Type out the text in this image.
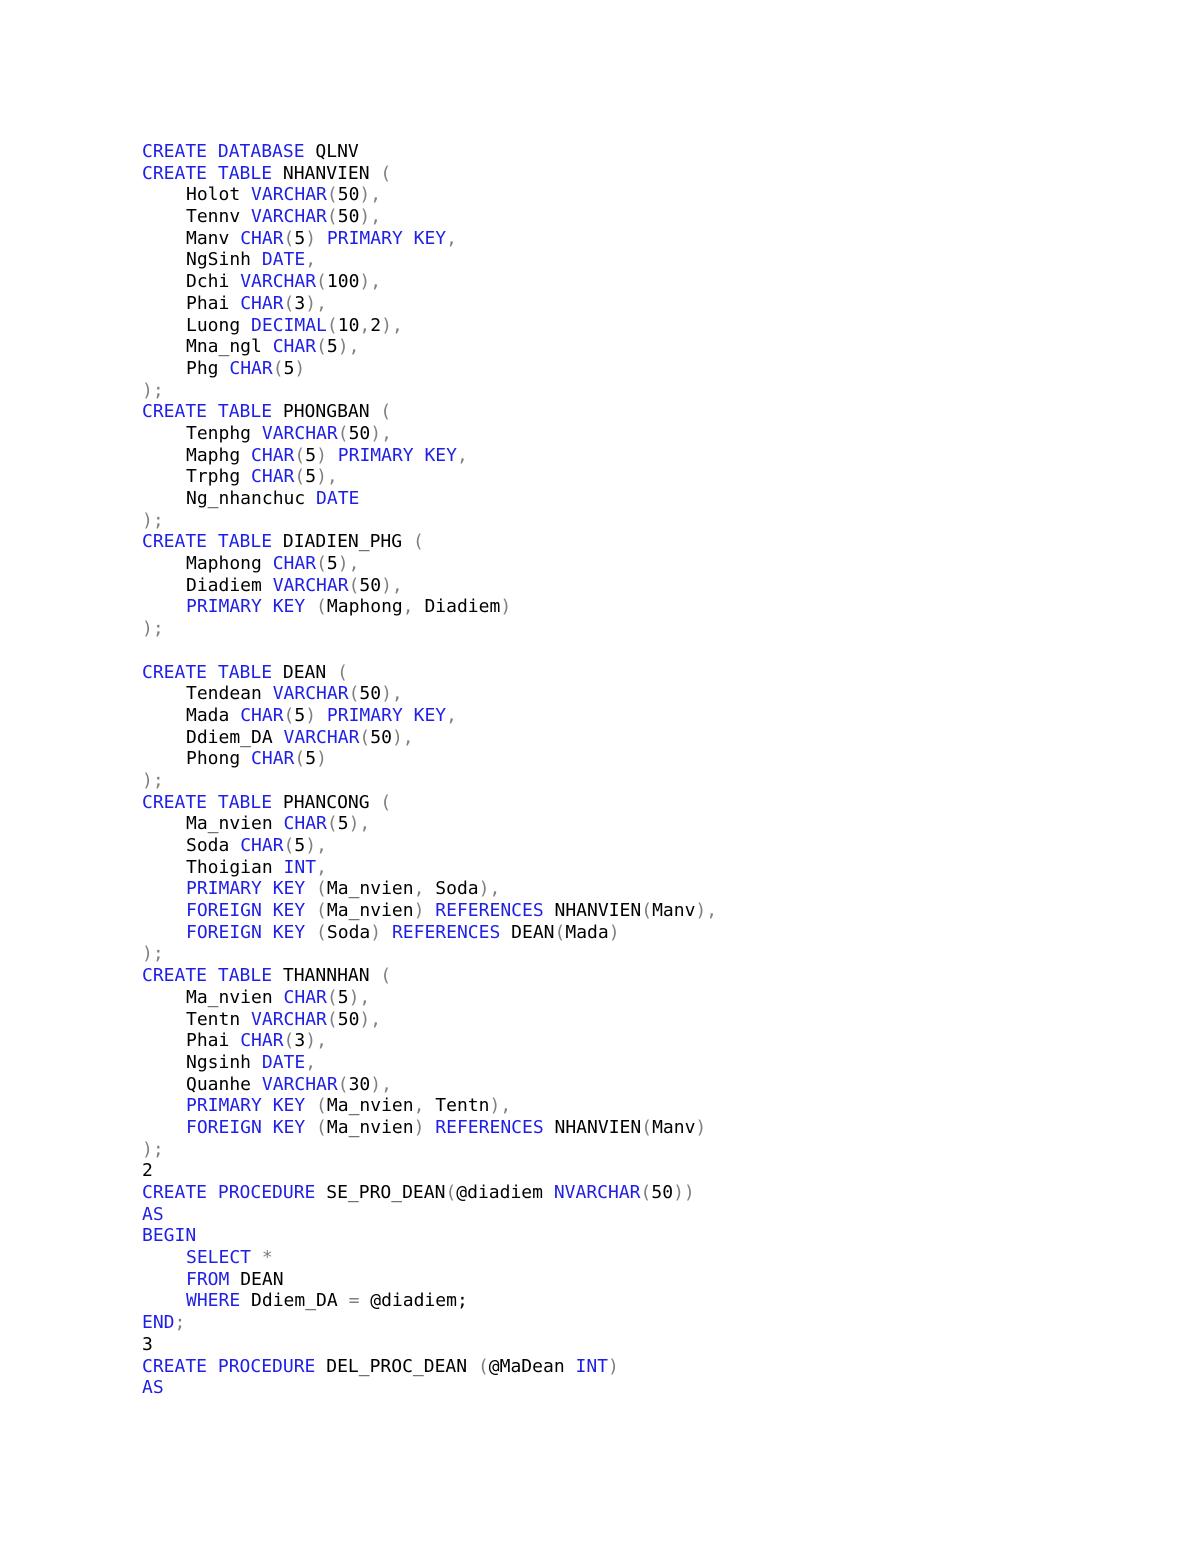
CREATE DATABASE QLNV
CREATE TABLE NHANVIEN (
Holot VARCHAR(50),
Tennv VARCHAR(50),
Manv CHAR(5) PRIMARY KEY,
NgSinh DATE,
Dchi VARCHAR(100),
Phai CHAR(3),
Luong DECIMAL(10,2),
Mna_ngl CHAR(5),
Phg CHAR(5)
);
CREATE TABLE PHONGBAN (
Tenphg VARCHAR(50),
Maphg CHAR(5) PRIMARY KEY,
Trphg CHAR(5),
Ng_nhanchuc DATE
);
CREATE TABLE DIADIEN_PHG (
Maphong CHAR(5),
Diadiem VARCHAR(50),
PRIMARY KEY (Maphong, Diadiem)
);
CREATE TABLE DEAN (
Tendean VARCHAR(50),
Mada CHAR(5) PRIMARY KEY,
Ddiem_DA VARCHAR(50),
Phong CHAR(5)
);
CREATE TABLE PHANCONG (
Ma_nvien CHAR(5),
Soda CHAR(5),
Thoigian INT,
PRIMARY KEY (Ma_nvien, Soda),
FOREIGN KEY (Ma_nvien) REFERENCES NHANVIEN(Manv),
FOREIGN KEY (Soda) REFERENCES DEAN(Mada)
);
CREATE TABLE THANNHAN (
Ma_nvien CHAR(5),
Tentn VARCHAR(50),
Phai CHAR(3),
Ngsinh DATE,
Quanhe VARCHAR(30),
PRIMARY KEY (Ma_nvien, Tentn),
FOREIGN KEY (Ma_nvien) REFERENCES NHANVIEN(Manv)
);
2
CREATE PROCEDURE SE_PRO_DEAN(@diadiem NVARCHAR(50))
AS
BEGIN
SELECT *
FROM DEAN
WHERE Ddiem_DA = @diadiem;
END;
3
CREATE PROCEDURE DEL_PROC_DEAN (@MaDean INT)
AS
